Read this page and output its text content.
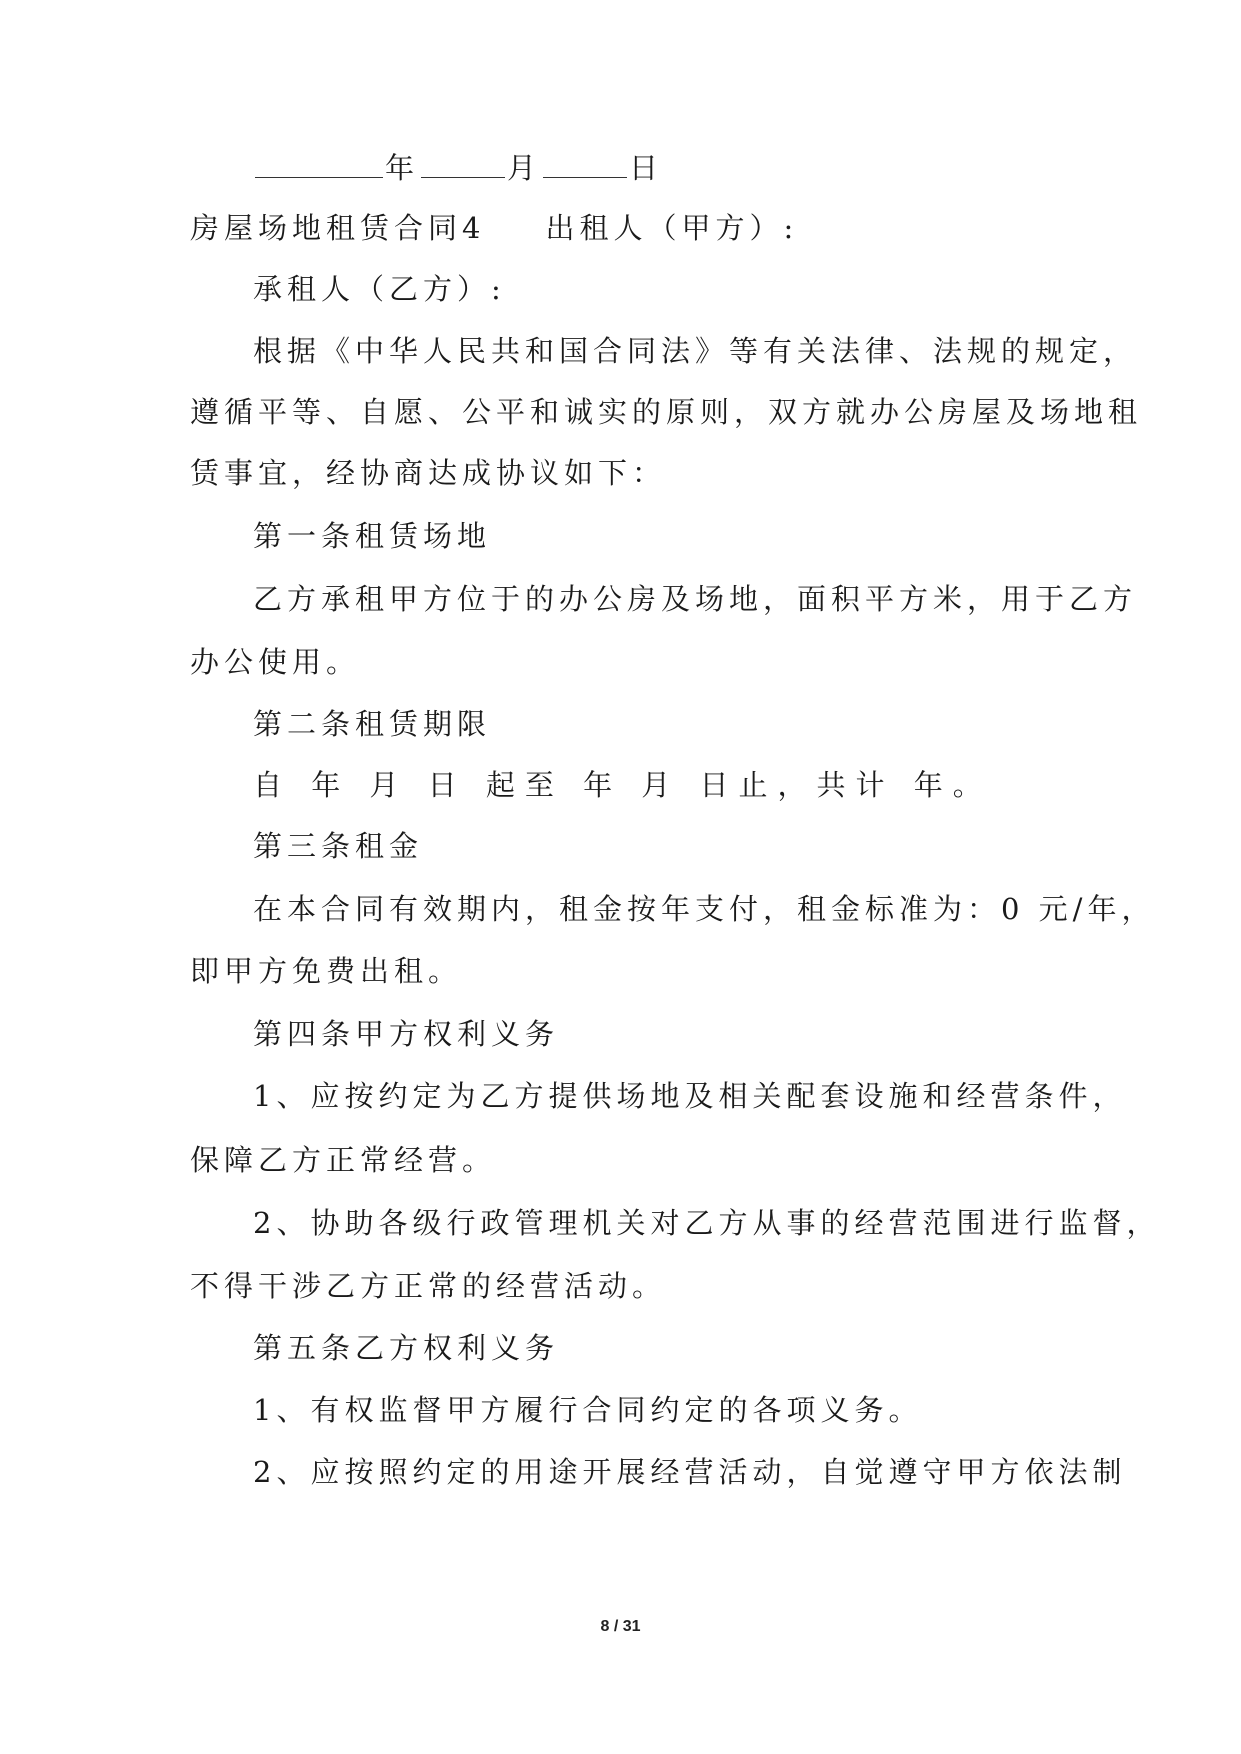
年	月	日
房屋场地租赁合同4 出租人（甲方）:
承租人（乙方）:
根据《中华人民共和国合同法》等有关法律、法规的规定，
遵循平等、自愿、公平和诚实的原则，双方就办公房屋及场地租
赁事宜，经协商达成协议如下：
第一条租赁场地
乙方承租甲方位于的办公房及场地，面积平方米，用于乙方
办公使用。
第二条租赁期限
自 年 月 日 起至 年 月 日止，共计 年。
第三条租金
在本合同有效期内，租金按年支付，租金标准为：0 元/年，
即甲方免费出租。
第四条甲方权利义务
1、应按约定为乙方提供场地及相关配套设施和经营条件，
保障乙方正常经营。
2、协助各级行政管理机关对乙方从事的经营范围进行监督，
不得干涉乙方正常的经营活动。
第五条乙方权利义务
1、有权监督甲方履行合同约定的各项义务。
2、应按照约定的用途开展经营活动，自觉遵守甲方依法制
8 / 31
